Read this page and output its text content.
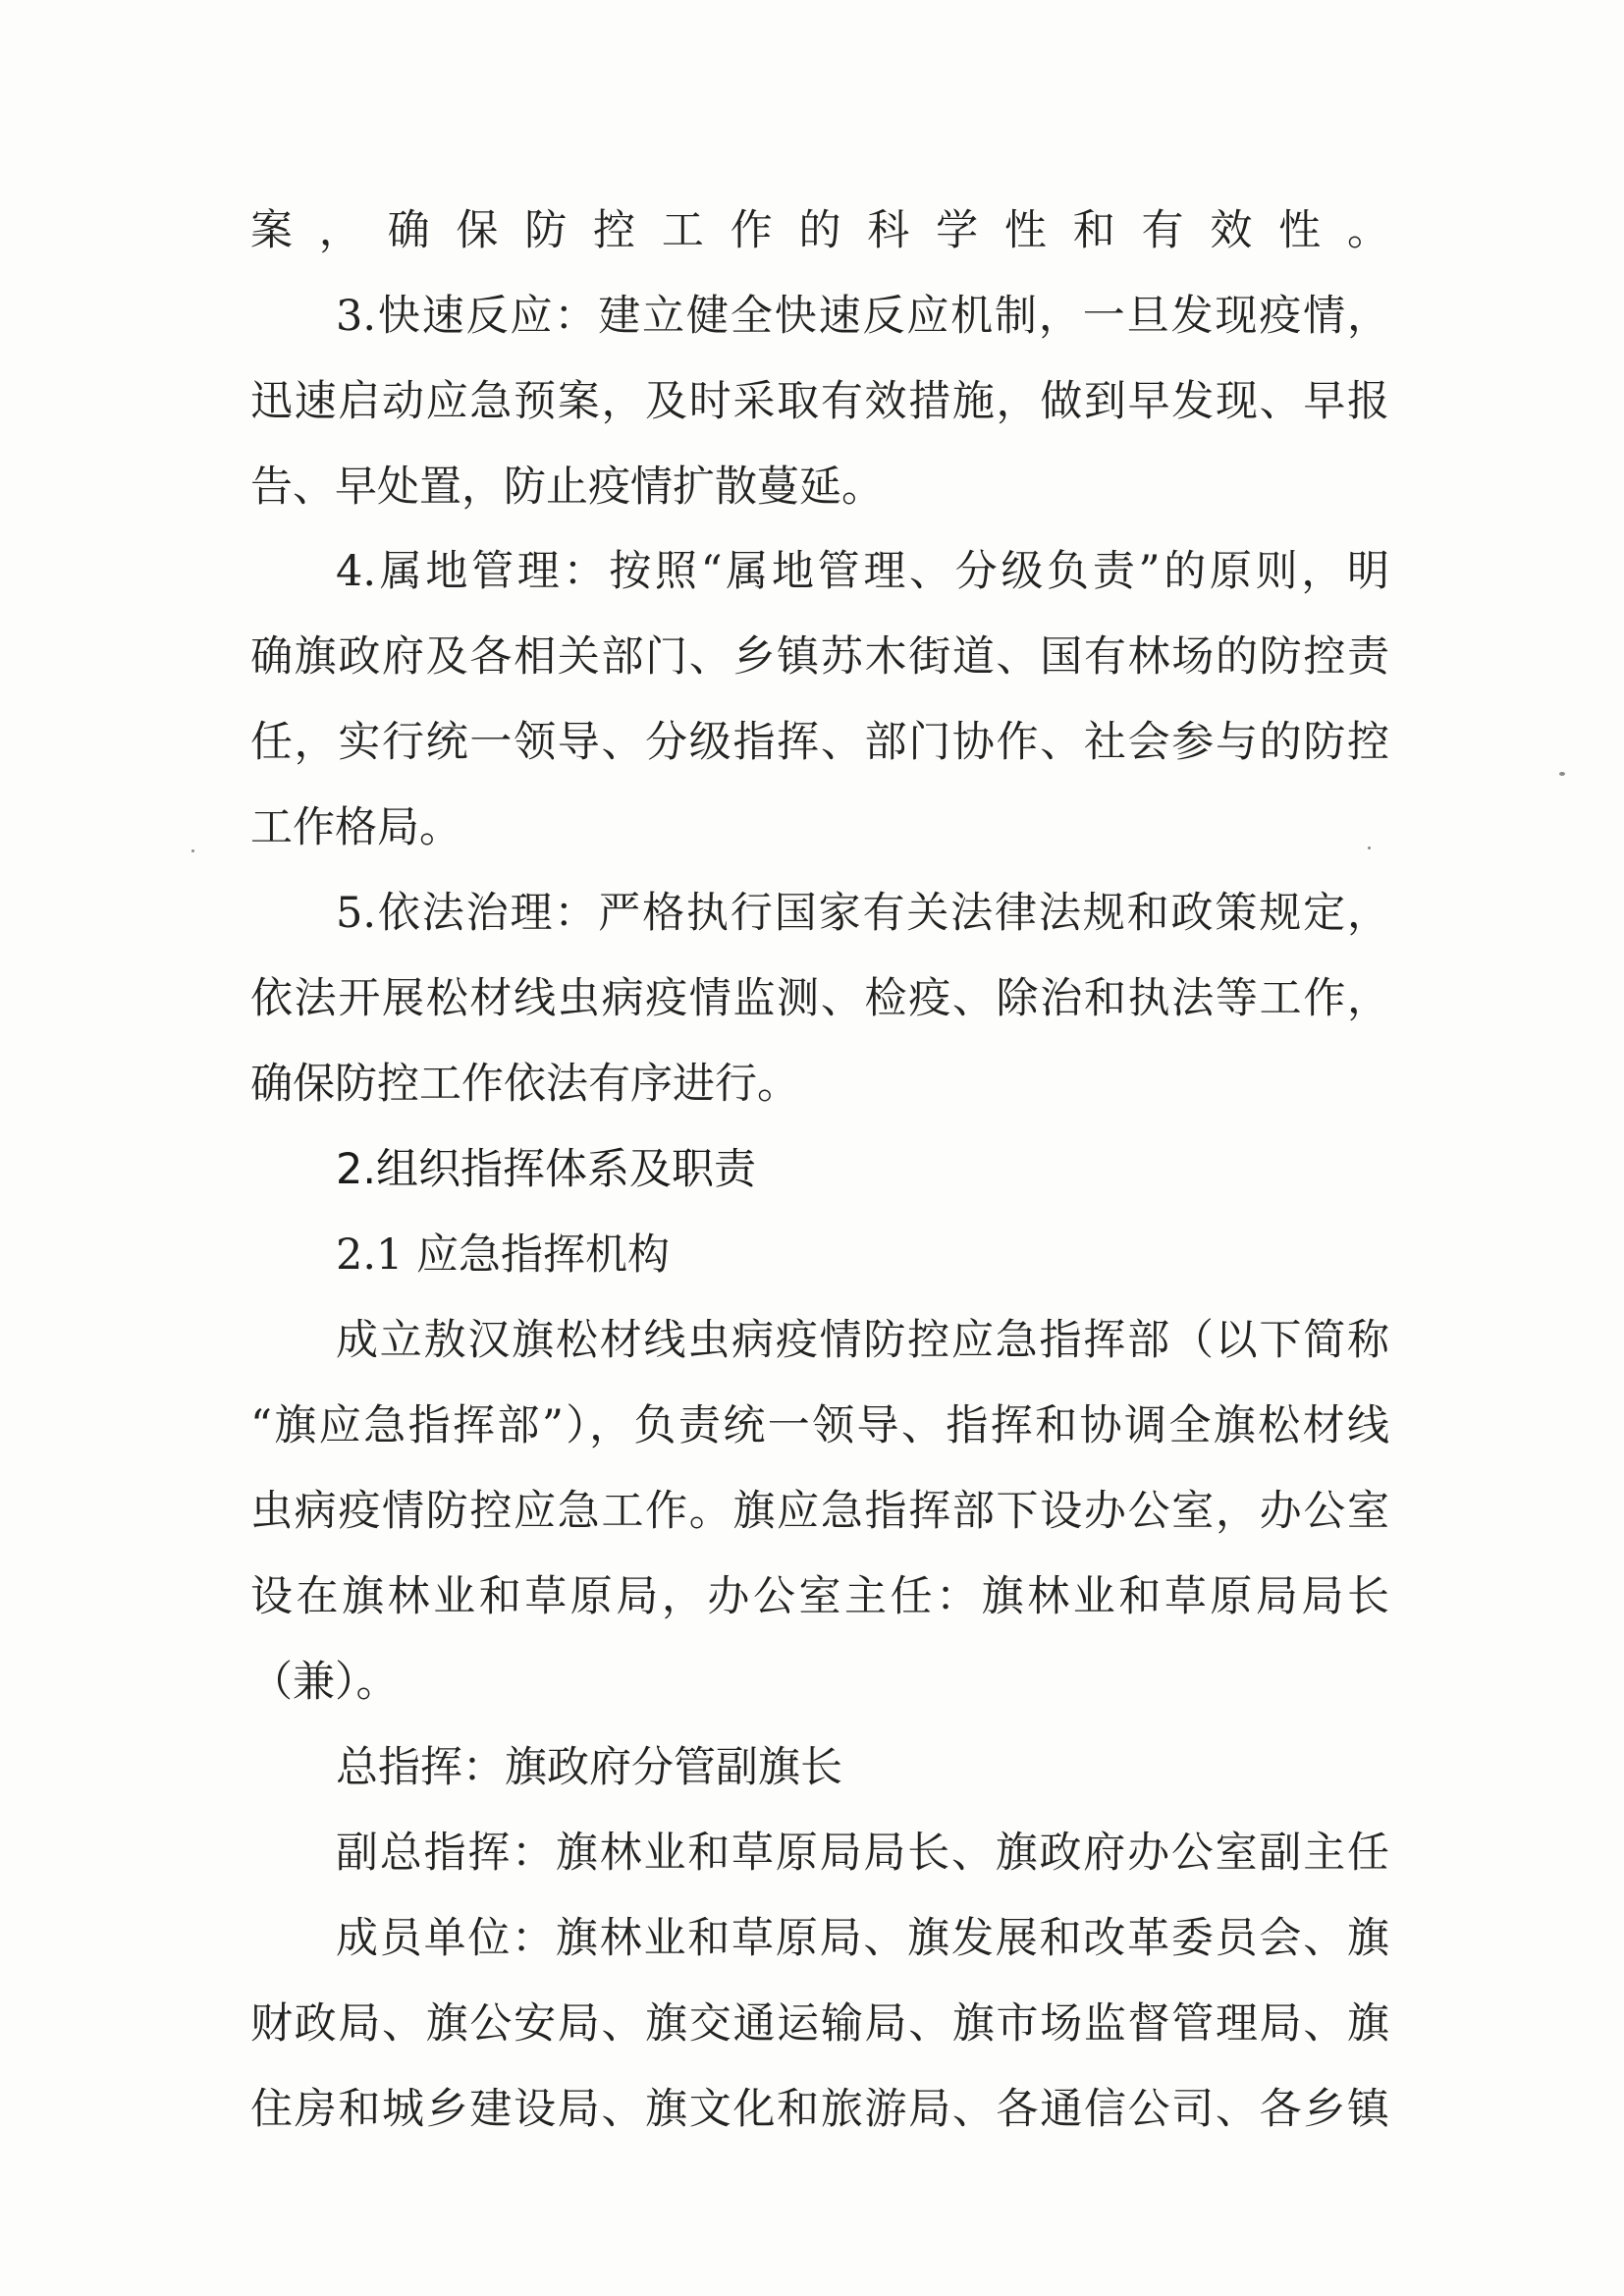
案，确保防控工作的科学性和有效性。
3.快速反应：建立健全快速反应机制，一旦发现疫情，
迅速启动应急预案，及时采取有效措施，做到早发现、早报
告、早处置，防止疫情扩散蔓延。
4.属地管理：按照“属地管理、分级负责”的原则，明
确旗政府及各相关部门、乡镇苏木街道、国有林场的防控责
任，实行统一领导、分级指挥、部门协作、社会参与的防控
工作格局。
5.依法治理：严格执行国家有关法律法规和政策规定，
依法开展松材线虫病疫情监测、检疫、除治和执法等工作，
确保防控工作依法有序进行。
2.组织指挥体系及职责
2.1 应急指挥机构
成立敖汉旗松材线虫病疫情防控应急指挥部（以下简称
“旗应急指挥部”），负责统一领导、指挥和协调全旗松材线
虫病疫情防控应急工作。旗应急指挥部下设办公室，办公室
设在旗林业和草原局，办公室主任：旗林业和草原局局长
（兼）。
总指挥：旗政府分管副旗长
副总指挥：旗林业和草原局局长、旗政府办公室副主任
成员单位：旗林业和草原局、旗发展和改革委员会、旗
财政局、旗公安局、旗交通运输局、旗市场监督管理局、旗
住房和城乡建设局、旗文化和旅游局、各通信公司、各乡镇
